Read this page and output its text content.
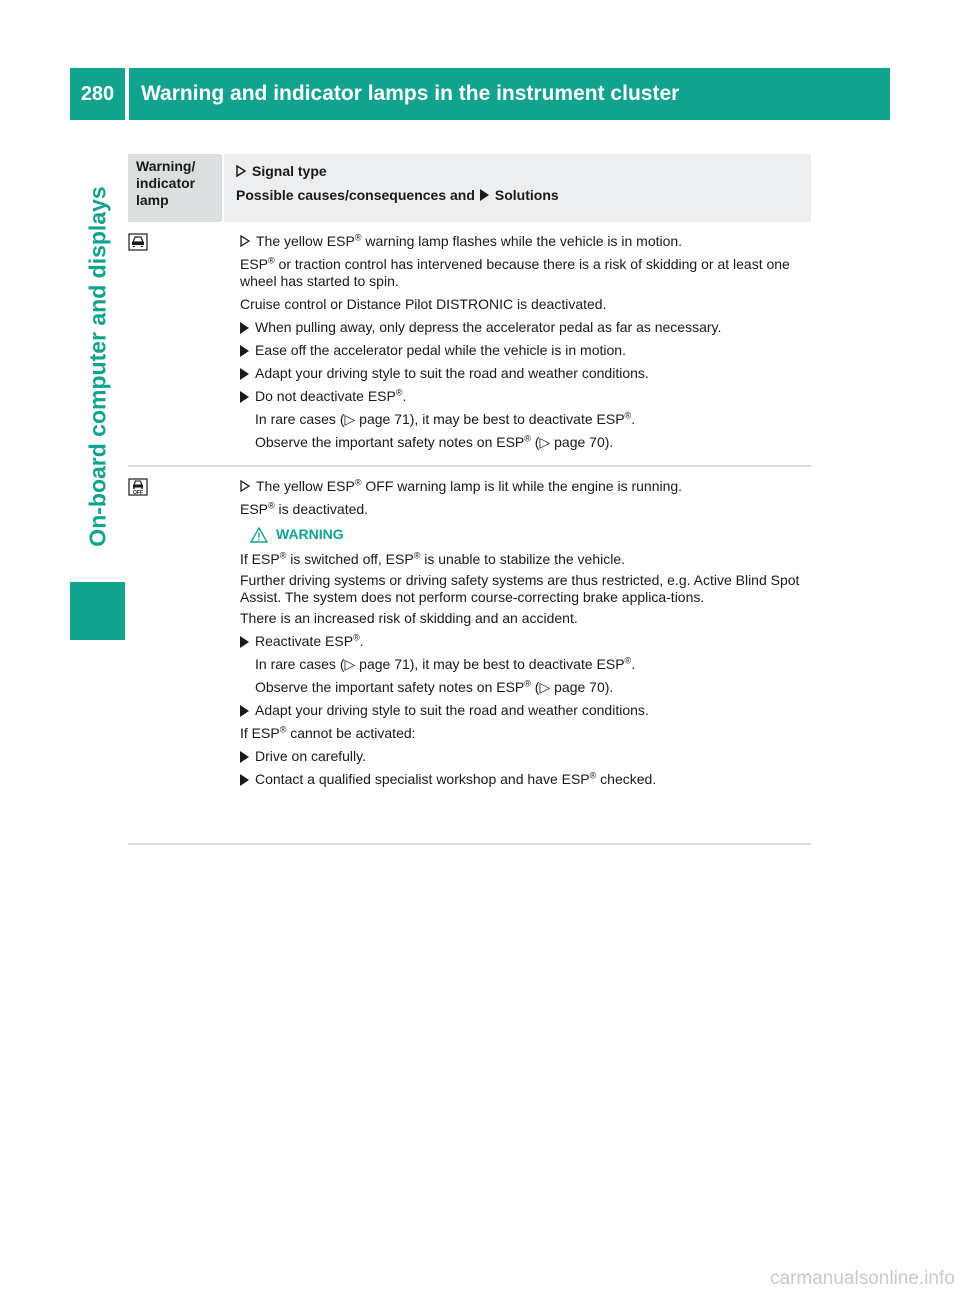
280	Warning and indicator lamps in the instrument cluster
On-board computer and displays
Warning/
indicator
lamp
Signal type
Possible causes/consequences and Solutions
The yellow ESP® warning lamp flashes while the vehicle is in motion.
ESP® or traction control has intervened because there is a risk of skidding or at least one wheel has started to spin.
Cruise control or Distance Pilot DISTRONIC is deactivated.
When pulling away, only depress the accelerator pedal as far as necessary.
Ease off the accelerator pedal while the vehicle is in motion.
Adapt your driving style to suit the road and weather conditions.
Do not deactivate ESP®.
In rare cases (▷ page 71), it may be best to deactivate ESP®.
Observe the important safety notes on ESP® (▷ page 70).
OFF	The yellow ESP® OFF warning lamp is lit while the engine is running.
ESP® is deactivated.
WARNING
If ESP® is switched off, ESP® is unable to stabilize the vehicle.
Further driving systems or driving safety systems are thus restricted, e.g. Active Blind Spot Assist. The system does not perform course-correcting brake applica-tions.
There is an increased risk of skidding and an accident.
Reactivate ESP®.
In rare cases (▷ page 71), it may be best to deactivate ESP®.
Observe the important safety notes on ESP® (▷ page 70).
Adapt your driving style to suit the road and weather conditions.
If ESP® cannot be activated:
Drive on carefully.
Contact a qualified specialist workshop and have ESP® checked.
carmanualsonline.info
